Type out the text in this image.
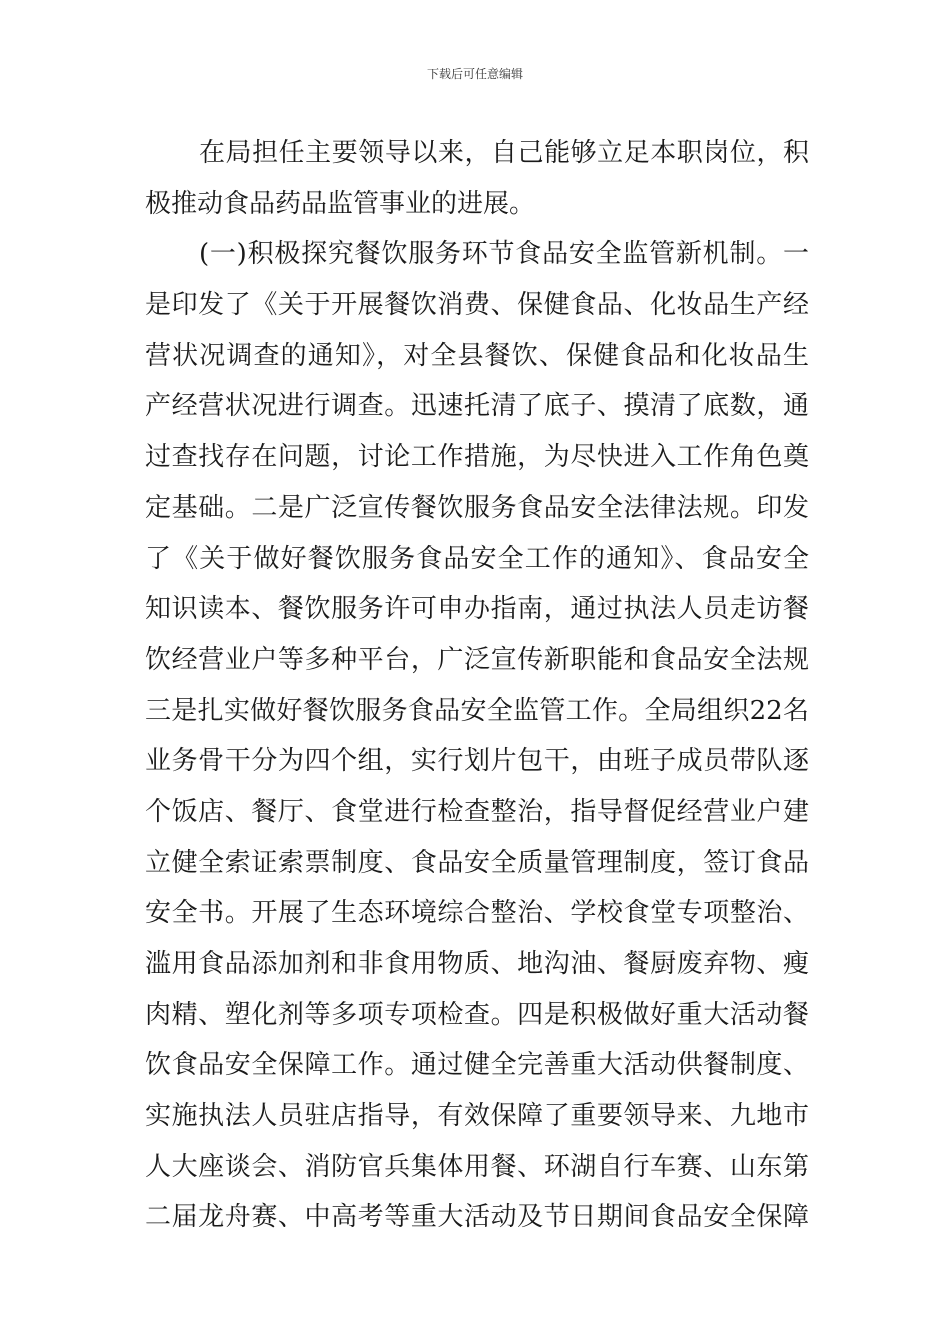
下载后可任意编辑
在局担任主要领导以来，自己能够立足本职岗位，积
极推动食品药品监管事业的进展。
(一)积极探究餐饮服务环节食品安全监管新机制。一
是印发了《关于开展餐饮消费、保健食品、化妆品生产经
营状况调查的通知》，对全县餐饮、保健食品和化妆品生
产经营状况进行调查。迅速托清了底子、摸清了底数，通
过查找存在问题，讨论工作措施，为尽快进入工作角色奠
定基础。二是广泛宣传餐饮服务食品安全法律法规。印发
了《关于做好餐饮服务食品安全工作的通知》、食品安全
知识读本、餐饮服务许可申办指南，通过执法人员走访餐
饮经营业户等多种平台，广泛宣传新职能和食品安全法规
三是扎实做好餐饮服务食品安全监管工作。全局组织22名
业务骨干分为四个组，实行划片包干，由班子成员带队逐
个饭店、餐厅、食堂进行检查整治，指导督促经营业户建
立健全索证索票制度、食品安全质量管理制度，签订食品
安全书。开展了生态环境综合整治、学校食堂专项整治、
滥用食品添加剂和非食用物质、地沟油、餐厨废弃物、瘦
肉精、塑化剂等多项专项检查。四是积极做好重大活动餐
饮食品安全保障工作。通过健全完善重大活动供餐制度、
实施执法人员驻店指导，有效保障了重要领导来、九地市
人大座谈会、消防官兵集体用餐、环湖自行车赛、山东第
二届龙舟赛、中高考等重大活动及节日期间食品安全保障
